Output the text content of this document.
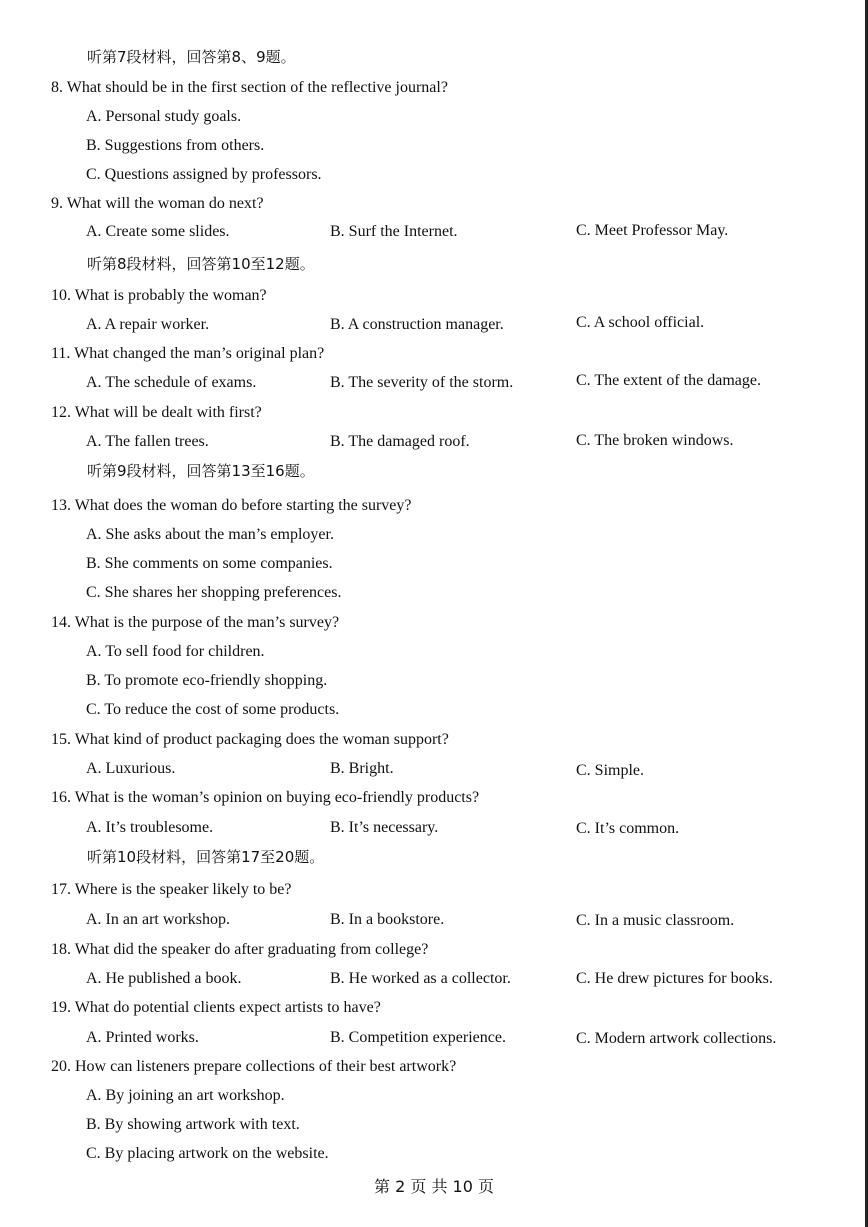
听第7段材料，回答第8、9题。
8. What should be in the first section of the reflective journal?
A. Personal study goals.
B. Suggestions from others.
C. Questions assigned by professors.
9. What will the woman do next?
A. Create some slides.	B. Surf the Internet.	C. Meet Professor May.
听第8段材料，回答第10至12题。
10. What is probably the woman?
A. A repair worker.	B. A construction manager.	C. A school official.
11. What changed the man’s original plan?
A. The schedule of exams.	B. The severity of the storm.	C. The extent of the damage.
12. What will be dealt with first?
A. The fallen trees.	B. The damaged roof.	C. The broken windows.
听第9段材料，回答第13至16题。
13. What does the woman do before starting the survey?
A. She asks about the man’s employer.
B. She comments on some companies.
C. She shares her shopping preferences.
14. What is the purpose of the man’s survey?
A. To sell food for children.
B. To promote eco-friendly shopping.
C. To reduce the cost of some products.
15. What kind of product packaging does the woman support?
A. Luxurious.	B. Bright.	C. Simple.
16. What is the woman’s opinion on buying eco-friendly products?
A. It’s troublesome.	B. It’s necessary.	C. It’s common.
听第10段材料，回答第17至20题。
17. Where is the speaker likely to be?
A. In an art workshop.	B. In a bookstore.	C. In a music classroom.
18. What did the speaker do after graduating from college?
A. He published a book.	B. He worked as a collector.	C. He drew pictures for books.
19. What do potential clients expect artists to have?
A. Printed works.	B. Competition experience.	C. Modern artwork collections.
20. How can listeners prepare collections of their best artwork?
A. By joining an art workshop.
B. By showing artwork with text.
C. By placing artwork on the website.
第 2 页 共 10 页
